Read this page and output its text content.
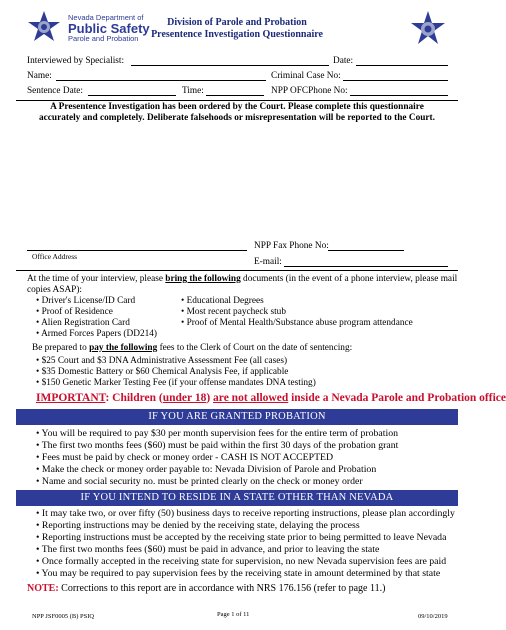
Nevada Department of
Public Safety
Parole and Probation
Division of Parole and Probation
Presentence Investigation Questionnaire
Interviewed by Specialist:	Date:
Name:	Criminal Case No:
Sentence Date:	Time:	NPP OFCPhone No:
A Presentence Investigation has been ordered by the Court. Please complete this questionnaire
accurately and completely. Deliberate falsehoods or misrepresentation will be reported to the Court.
NPP Fax Phone No:
Office Address
E-mail:
At the time of your interview, please bring the following documents (in the event of a phone interview, please mail
copies ASAP):
• Driver's License/ID Card
• Proof of Residence
• Alien Registration Card
• Armed Forces Papers (DD214)
• Educational Degrees
• Most recent paycheck stub
• Proof of Mental Health/Substance abuse program attendance
Be prepared to pay the following fees to the Clerk of Court on the date of sentencing:
• $25 Court and $3 DNA Administrative Assessment Fee (all cases)
• $35 Domestic Battery or $60 Chemical Analysis Fee, if applicable
• $150 Genetic Marker Testing Fee (if your offense mandates DNA testing)
IMPORTANT: Children (under 18) are not allowed inside a Nevada Parole and Probation office
IF YOU ARE GRANTED PROBATION
• You will be required to pay $30 per month supervision fees for the entire term of probation
• The first two months fees ($60) must be paid within the first 30 days of the probation grant
• Fees must be paid by check or money order - CASH IS NOT ACCEPTED
• Make the check or money order payable to: Nevada Division of Parole and Probation
• Name and social security no. must be printed clearly on the check or money order
IF YOU INTEND TO RESIDE IN A STATE OTHER THAN NEVADA
• It may take two, or over fifty (50) business days to receive reporting instructions, please plan accordingly
• Reporting instructions may be denied by the receiving state, delaying the process
• Reporting instructions must be accepted by the receiving state prior to being permitted to leave Nevada
• The first two months fees ($60) must be paid in advance, and prior to leaving the state
• Once formally accepted in the receiving state for supervision, no new Nevada supervision fees are paid
• You may be required to pay supervision fees by the receiving state in amount determined by that state
NOTE: Corrections to this report are in accordance with NRS 176.156 (refer to page 11.)
NPP JSF0005 (B) PSIQ	Page 1 of 11	09/10/2019
